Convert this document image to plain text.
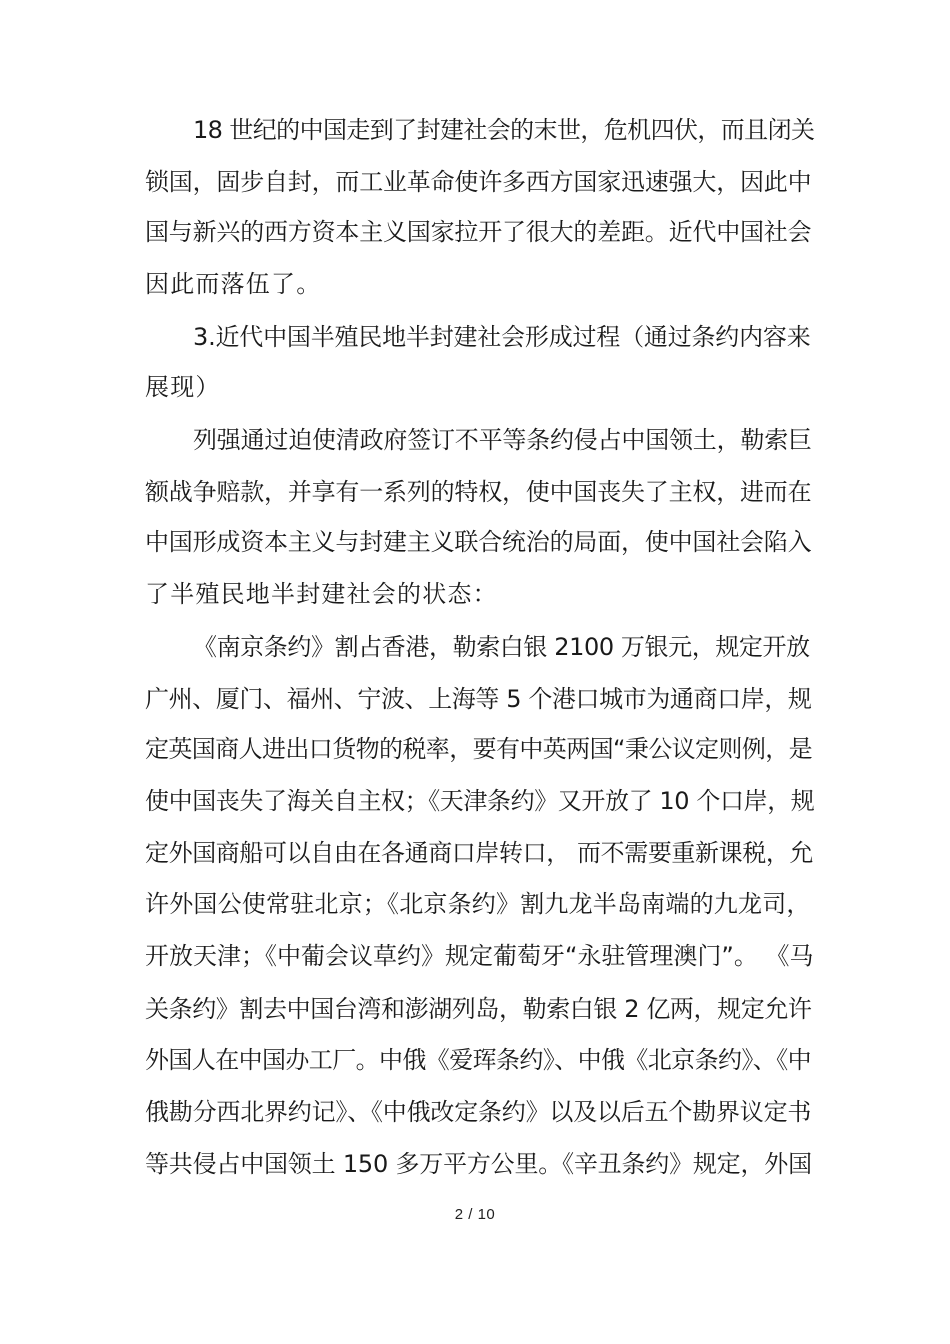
18 世纪的中国走到了封建社会的末世，危机四伏，而且闭关
锁国，固步自封，而工业革命使许多西方国家迅速强大，因此中
国与新兴的西方资本主义国家拉开了很大的差距。近代中国社会
因此而落伍了。
3.近代中国半殖民地半封建社会形成过程（通过条约内容来
展现）
列强通过迫使清政府签订不平等条约侵占中国领土，勒索巨
额战争赔款，并享有一系列的特权，使中国丧失了主权，进而在
中国形成资本主义与封建主义联合统治的局面，使中国社会陷入
了半殖民地半封建社会的状态：
《南京条约》割占香港，勒索白银 2100 万银元，规定开放
广州、厦门、福州、宁波、上海等 5 个港口城市为通商口岸，规
定英国商人进出口货物的税率，要有中英两国“秉公议定则例，是
使中国丧失了海关自主权；《天津条约》又开放了 10 个口岸，规
定外国商船可以自由在各通商口岸转口， 而不需要重新课税，允
许外国公使常驻北京；《北京条约》割九龙半岛南端的九龙司，
开放天津；《中葡会议草约》规定葡萄牙“永驻管理澳门”。 《马
关条约》割去中国台湾和澎湖列岛，勒索白银 2 亿两，规定允许
外国人在中国办工厂。中俄《爱珲条约》、中俄《北京条约》、《中
俄勘分西北界约记》、《中俄改定条约》以及以后五个勘界议定书
等共侵占中国领土 150 多万平方公里。《辛丑条约》规定，外国
2 / 10
